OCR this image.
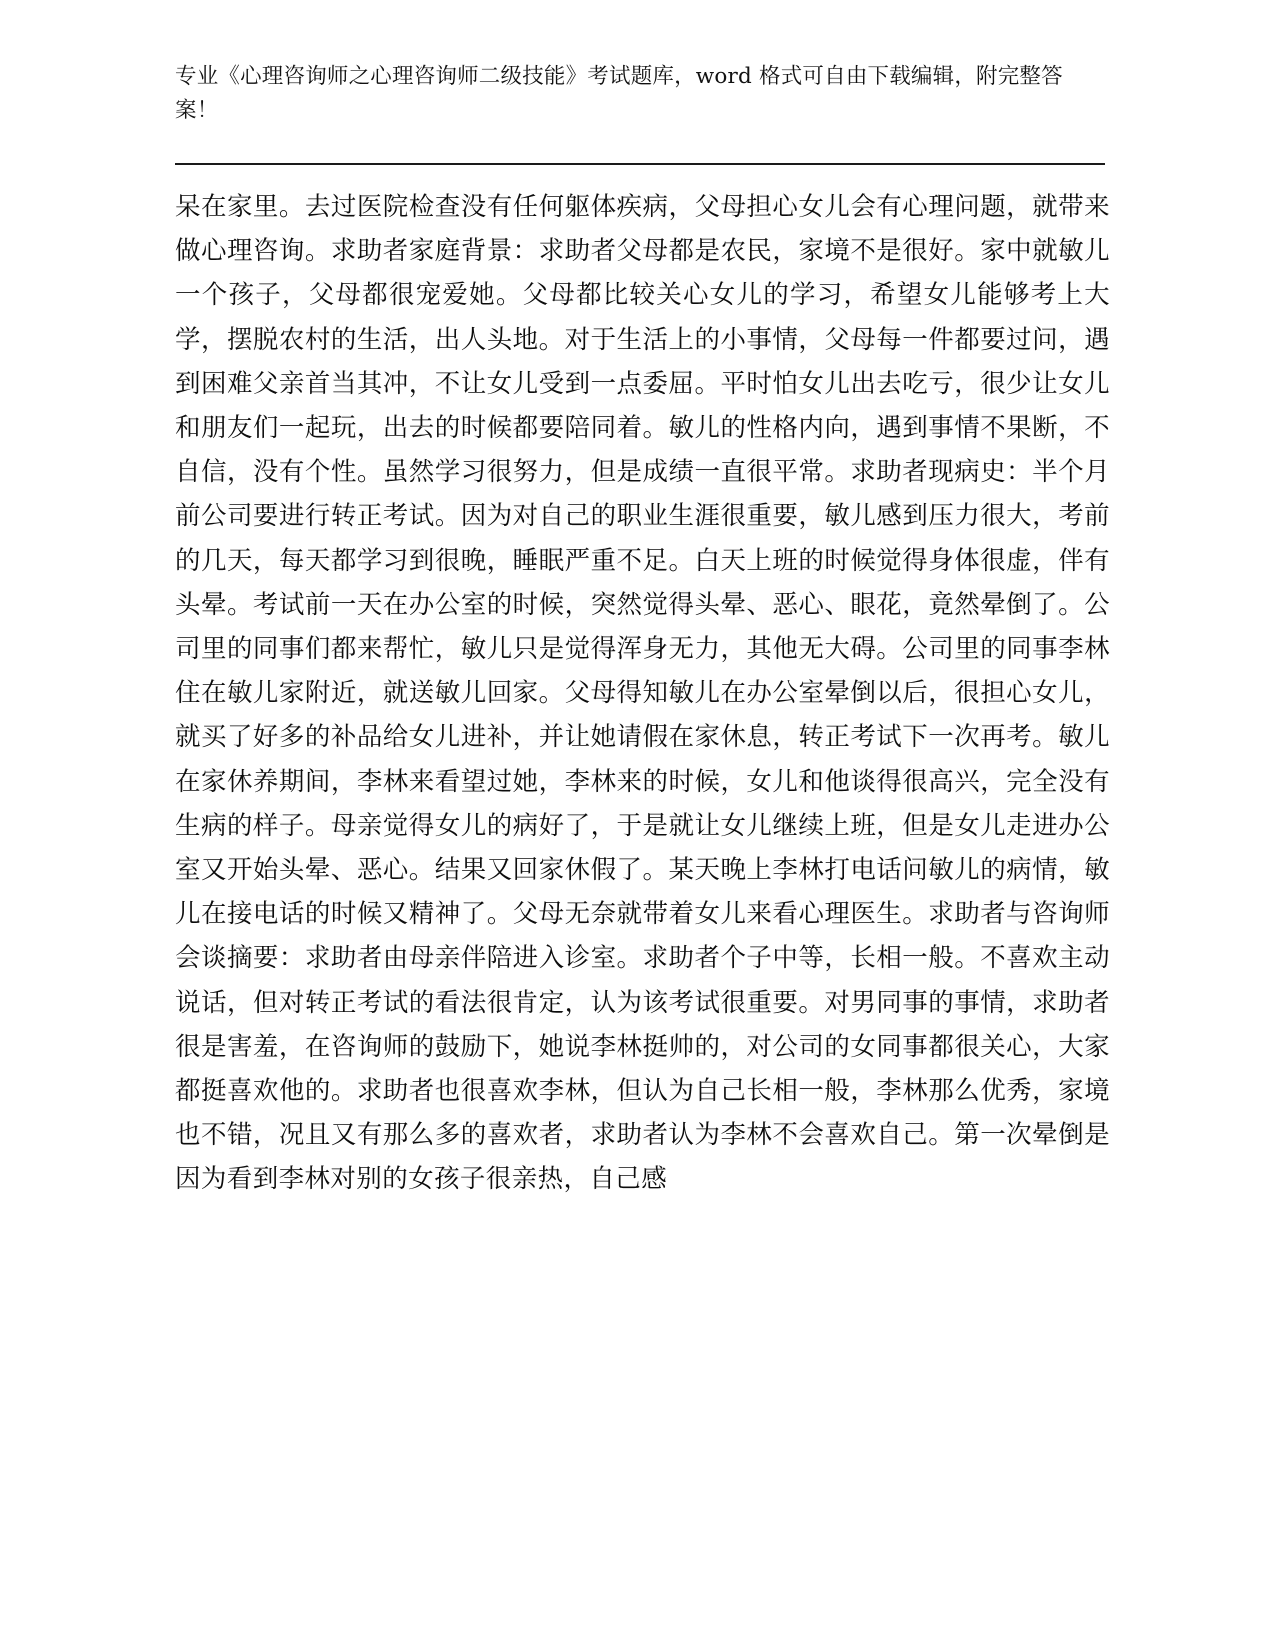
专业《心理咨询师之心理咨询师二级技能》考试题库，word 格式可自由下载编辑，附完整答案！

呆在家里。去过医院检查没有任何躯体疾病，父母担心女儿会有心理问题，就带来做心理咨询。求助者家庭背景：求助者父母都是农民，家境不是很好。家中就敏儿一个孩子，父母都很宠爱她。父母都比较关心女儿的学习，希望女儿能够考上大学，摆脱农村的生活，出人头地。对于生活上的小事情，父母每一件都要过问，遇到困难父亲首当其冲，不让女儿受到一点委屈。平时怕女儿出去吃亏，很少让女儿和朋友们一起玩，出去的时候都要陪同着。敏儿的性格内向，遇到事情不果断，不自信，没有个性。虽然学习很努力，但是成绩一直很平常。求助者现病史：半个月前公司要进行转正考试。因为对自己的职业生涯很重要，敏儿感到压力很大，考前的几天，每天都学习到很晚，睡眠严重不足。白天上班的时候觉得身体很虚，伴有头晕。考试前一天在办公室的时候，突然觉得头晕、恶心、眼花，竟然晕倒了。公司里的同事们都来帮忙，敏儿只是觉得浑身无力，其他无大碍。公司里的同事李林住在敏儿家附近，就送敏儿回家。父母得知敏儿在办公室晕倒以后，很担心女儿，就买了好多的补品给女儿进补，并让她请假在家休息，转正考试下一次再考。敏儿在家休养期间，李林来看望过她，李林来的时候，女儿和他谈得很高兴，完全没有生病的样子。母亲觉得女儿的病好了，于是就让女儿继续上班，但是女儿走进办公室又开始头晕、恶心。结果又回家休假了。某天晚上李林打电话问敏儿的病情，敏儿在接电话的时候又精神了。父母无奈就带着女儿来看心理医生。求助者与咨询师会谈摘要：求助者由母亲伴陪进入诊室。求助者个子中等，长相一般。不喜欢主动说话，但对转正考试的看法很肯定，认为该考试很重要。对男同事的事情，求助者很是害羞，在咨询师的鼓励下，她说李林挺帅的，对公司的女同事都很关心，大家都挺喜欢他的。求助者也很喜欢李林，但认为自己长相一般，李林那么优秀，家境也不错，况且又有那么多的喜欢者，求助者认为李林不会喜欢自己。第一次晕倒是因为看到李林对别的女孩子很亲热，自己感
